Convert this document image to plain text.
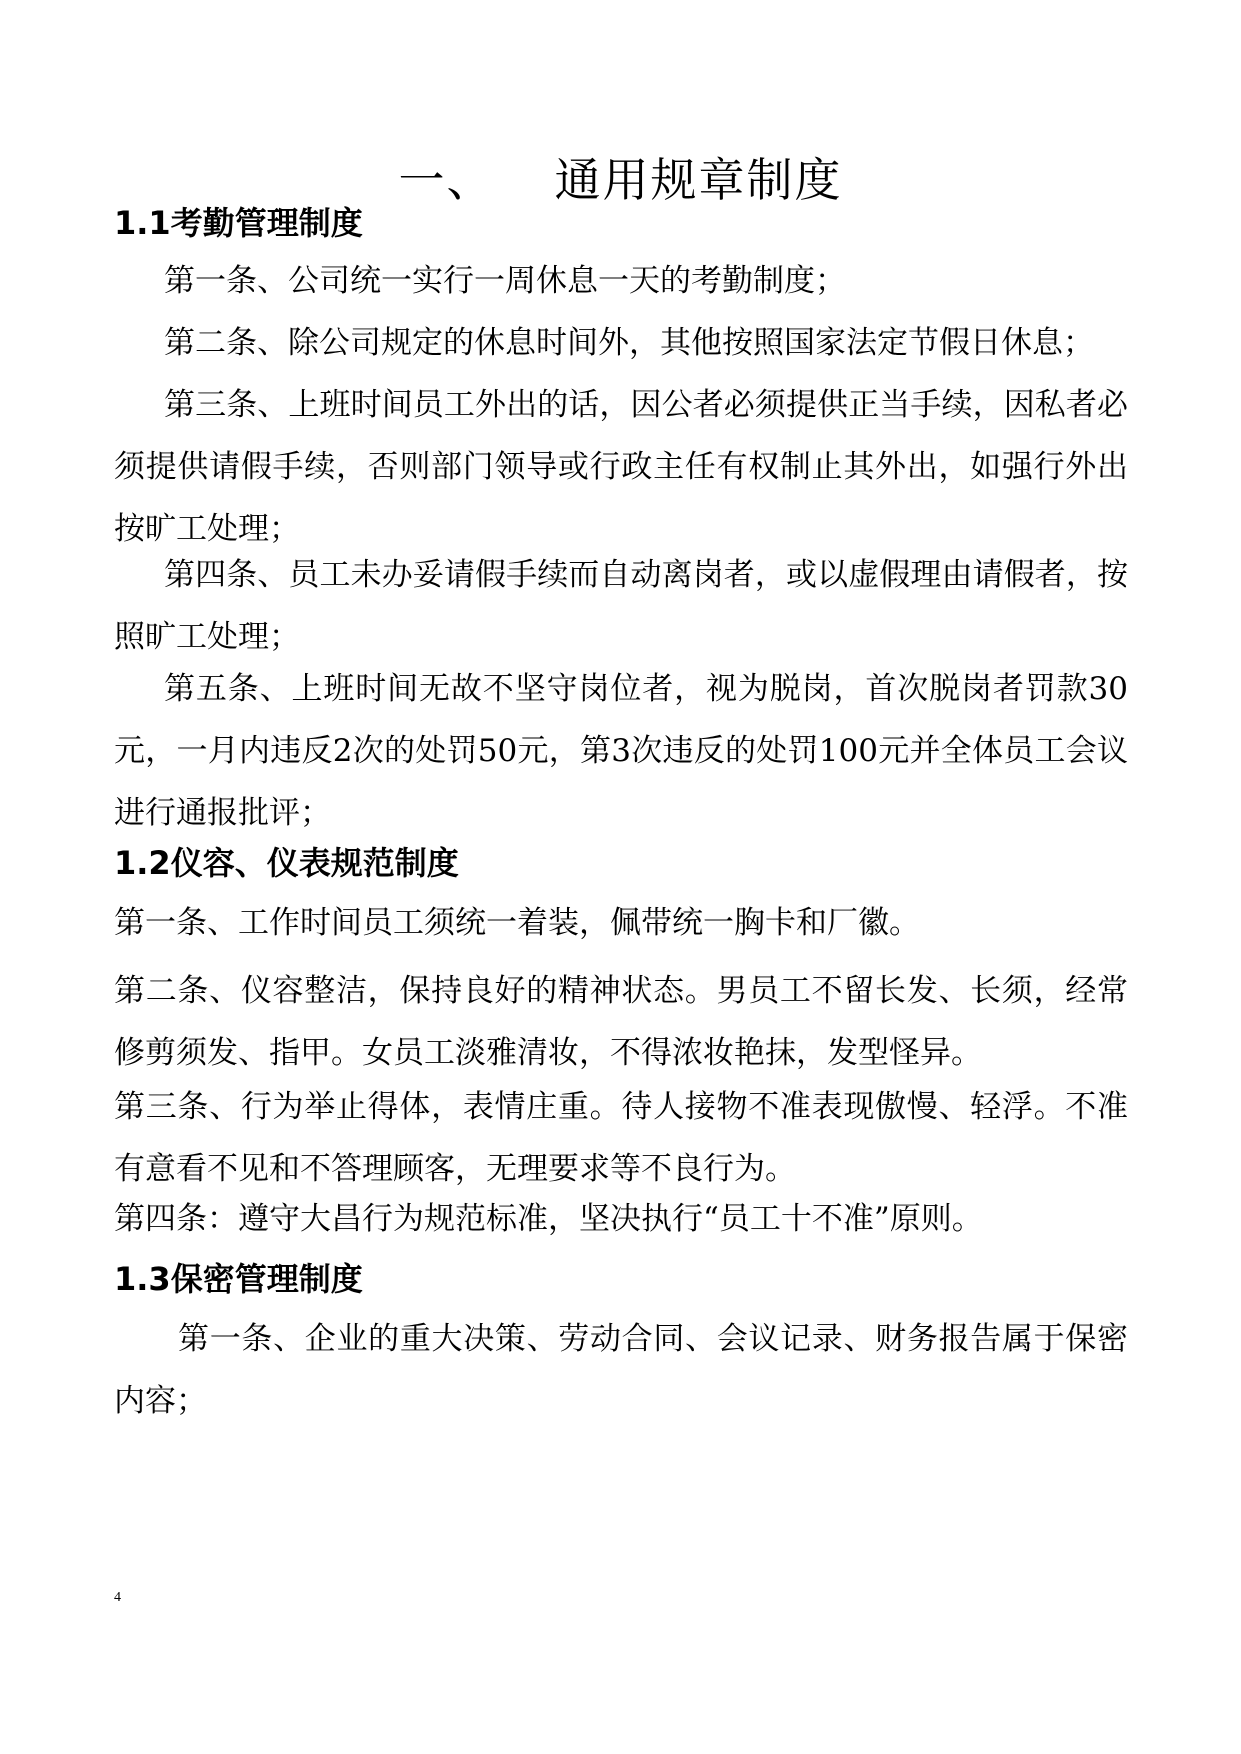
一、 通用规章制度
1.1考勤管理制度
第一条、公司统一实行一周休息一天的考勤制度；
第二条、除公司规定的休息时间外，其他按照国家法定节假日休息；
第三条、上班时间员工外出的话，因公者必须提供正当手续，因私者必须提供请假手续，否则部门领导或行政主任有权制止其外出，如强行外出按旷工处理；
第四条、员工未办妥请假手续而自动离岗者，或以虚假理由请假者，按照旷工处理；
第五条、上班时间无故不坚守岗位者，视为脱岗，首次脱岗者罚款30元，一月内违反2次的处罚50元，第3次违反的处罚100元并全体员工会议进行通报批评；
1.2仪容、仪表规范制度
第一条、工作时间员工须统一着装，佩带统一胸卡和厂徽。
第二条、仪容整洁，保持良好的精神状态。男员工不留长发、长须，经常修剪须发、指甲。女员工淡雅清妆，不得浓妆艳抹，发型怪异。
第三条、行为举止得体，表情庄重。待人接物不准表现傲慢、轻浮。不准有意看不见和不答理顾客，无理要求等不良行为。
第四条：遵守大昌行为规范标准，坚决执行“员工十不准”原则。
1.3保密管理制度
第一条、企业的重大决策、劳动合同、会议记录、财务报告属于保密内容；
4
